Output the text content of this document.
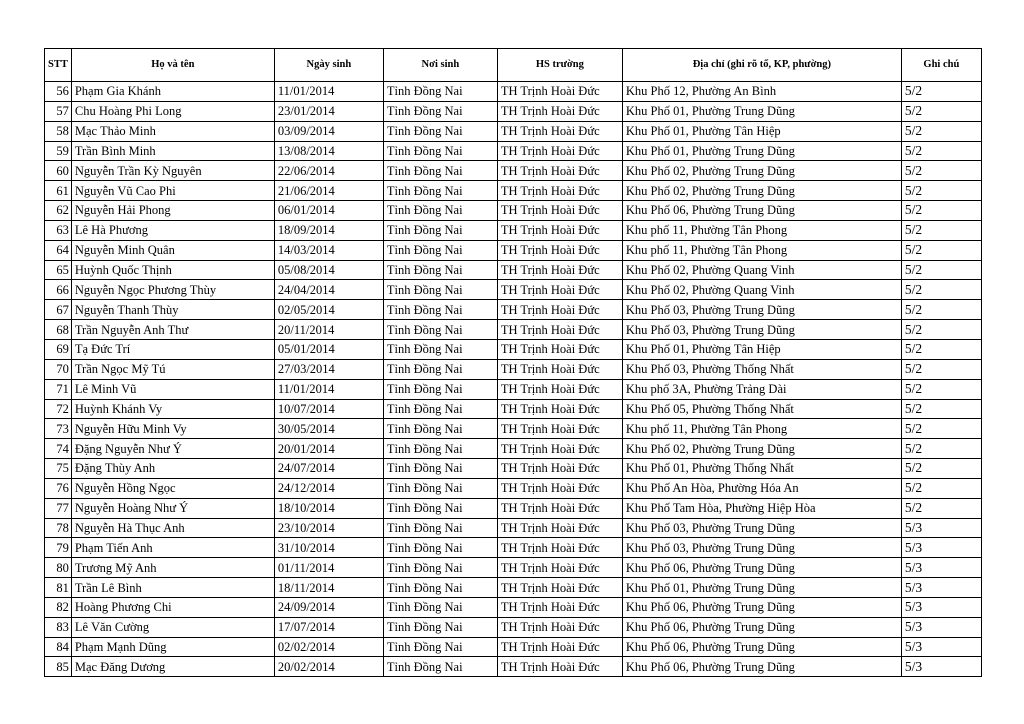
STT	Họ và tên	Ngày sinh	Nơi sinh	HS trường	Địa chỉ (ghi rõ tổ, KP, phường)	Ghi chú
56	Phạm Gia Khánh	11/01/2014	Tỉnh Đồng Nai	TH Trịnh Hoài Đức	Khu Phố 12, Phường An Bình	5/2
57	Chu Hoàng Phi Long	23/01/2014	Tỉnh Đồng Nai	TH Trịnh Hoài Đức	Khu Phố 01, Phường Trung Dũng	5/2
58	Mạc Thảo Minh	03/09/2014	Tỉnh Đồng Nai	TH Trịnh Hoài Đức	Khu Phố 01, Phường Tân Hiệp	5/2
59	Trần Bình Minh	13/08/2014	Tỉnh Đồng Nai	TH Trịnh Hoài Đức	Khu Phố 01, Phường Trung Dũng	5/2
60	Nguyễn Trần Kỳ Nguyên	22/06/2014	Tỉnh Đồng Nai	TH Trịnh Hoài Đức	Khu Phố 02, Phường Trung Dũng	5/2
61	Nguyễn Vũ Cao Phi	21/06/2014	Tỉnh Đồng Nai	TH Trịnh Hoài Đức	Khu Phố 02, Phường Trung Dũng	5/2
62	Nguyễn Hải Phong	06/01/2014	Tỉnh Đồng Nai	TH Trịnh Hoài Đức	Khu Phố 06, Phường Trung Dũng	5/2
63	Lê Hà Phương	18/09/2014	Tỉnh Đồng Nai	TH Trịnh Hoài Đức	Khu phố 11, Phường Tân Phong	5/2
64	Nguyễn Minh Quân	14/03/2014	Tỉnh Đồng Nai	TH Trịnh Hoài Đức	Khu phố 11, Phường Tân Phong	5/2
65	Huỳnh Quốc Thịnh	05/08/2014	Tỉnh Đồng Nai	TH Trịnh Hoài Đức	Khu Phố 02, Phường Quang Vinh	5/2
66	Nguyễn Ngọc Phương Thùy	24/04/2014	Tỉnh Đồng Nai	TH Trịnh Hoài Đức	Khu Phố 02, Phường Quang Vinh	5/2
67	Nguyễn Thanh Thùy	02/05/2014	Tỉnh Đồng Nai	TH Trịnh Hoài Đức	Khu Phố 03, Phường Trung Dũng	5/2
68	Trần Nguyễn Anh Thư	20/11/2014	Tỉnh Đồng Nai	TH Trịnh Hoài Đức	Khu Phố 03, Phường Trung Dũng	5/2
69	Tạ Đức Trí	05/01/2014	Tỉnh Đồng Nai	TH Trịnh Hoài Đức	Khu Phố 01, Phường Tân Hiệp	5/2
70	Trần Ngọc Mỹ Tú	27/03/2014	Tỉnh Đồng Nai	TH Trịnh Hoài Đức	Khu Phố 03, Phường Thống Nhất	5/2
71	Lê Minh Vũ	11/01/2014	Tỉnh Đồng Nai	TH Trịnh Hoài Đức	Khu phố 3A, Phường Trảng Dài	5/2
72	Huỳnh Khánh Vy	10/07/2014	Tỉnh Đồng Nai	TH Trịnh Hoài Đức	Khu Phố 05, Phường Thống Nhất	5/2
73	Nguyễn Hữu Minh Vy	30/05/2014	Tỉnh Đồng Nai	TH Trịnh Hoài Đức	Khu phố 11, Phường Tân Phong	5/2
74	Đặng Nguyễn Như Ý	20/01/2014	Tỉnh Đồng Nai	TH Trịnh Hoài Đức	Khu Phố 02, Phường Trung Dũng	5/2
75	Đặng Thùy Anh	24/07/2014	Tỉnh Đồng Nai	TH Trịnh Hoài Đức	Khu Phố 01, Phường Thống Nhất	5/2
76	Nguyễn Hồng Ngọc	24/12/2014	Tỉnh Đồng Nai	TH Trịnh Hoài Đức	Khu Phố An Hòa, Phường Hóa An	5/2
77	Nguyễn Hoàng Như Ý	18/10/2014	Tỉnh Đồng Nai	TH Trịnh Hoài Đức	Khu Phố Tam Hòa, Phường Hiệp Hòa	5/2
78	Nguyễn Hà Thục Anh	23/10/2014	Tỉnh Đồng Nai	TH Trịnh Hoài Đức	Khu Phố 03, Phường Trung Dũng	5/3
79	Phạm Tiến Anh	31/10/2014	Tỉnh Đồng Nai	TH Trịnh Hoài Đức	Khu Phố 03, Phường Trung Dũng	5/3
80	Trương Mỹ Anh	01/11/2014	Tỉnh Đồng Nai	TH Trịnh Hoài Đức	Khu Phố 06, Phường Trung Dũng	5/3
81	Trần Lê Bình	18/11/2014	Tỉnh Đồng Nai	TH Trịnh Hoài Đức	Khu Phố 01, Phường Trung Dũng	5/3
82	Hoàng Phương Chi	24/09/2014	Tỉnh Đồng Nai	TH Trịnh Hoài Đức	Khu Phố 06, Phường Trung Dũng	5/3
83	Lê Văn Cường	17/07/2014	Tỉnh Đồng Nai	TH Trịnh Hoài Đức	Khu Phố 06, Phường Trung Dũng	5/3
84	Phạm Mạnh Dũng	02/02/2014	Tỉnh Đồng Nai	TH Trịnh Hoài Đức	Khu Phố 06, Phường Trung Dũng	5/3
85	Mạc Đăng Dương	20/02/2014	Tỉnh Đồng Nai	TH Trịnh Hoài Đức	Khu Phố 06, Phường Trung Dũng	5/3
